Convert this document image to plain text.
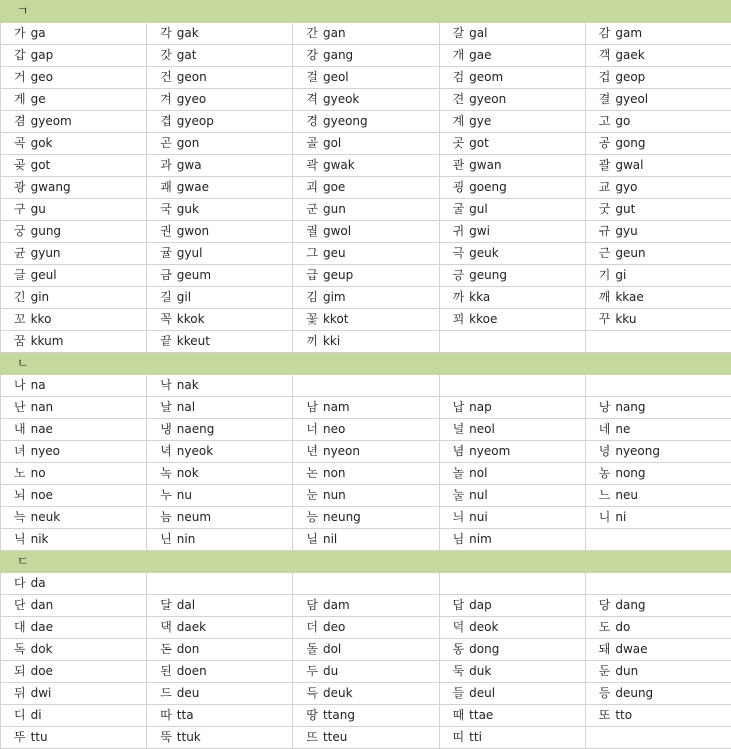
ㄱ				
가 ga	각 gak	간 gan	갈 gal	감 gam
갑 gap	갓 gat	강 gang	개 gae	객 gaek
거 geo	건 geon	걸 geol	검 geom	겁 geop
게 ge	겨 gyeo	격 gyeok	견 gyeon	결 gyeol
겸 gyeom	겹 gyeop	경 gyeong	계 gye	고 go
곡 gok	곤 gon	골 gol	곳 got	공 gong
곶 got	과 gwa	곽 gwak	관 gwan	괄 gwal
광 gwang	괘 gwae	괴 goe	굉 goeng	교 gyo
구 gu	국 guk	군 gun	굴 gul	굿 gut
궁 gung	권 gwon	궐 gwol	귀 gwi	규 gyu
균 gyun	귤 gyul	그 geu	극 geuk	근 geun
글 geul	금 geum	급 geup	긍 geung	기 gi
긴 gin	길 gil	김 gim	까 kka	깨 kkae
꼬 kko	꼭 kkok	꽃 kkot	꾀 kkoe	꾸 kku
꿈 kkum	끝 kkeut	끼 kki		
ㄴ				
나 na	낙 nak			
난 nan	날 nal	남 nam	납 nap	낭 nang
내 nae	냉 naeng	너 neo	널 neol	네 ne
녀 nyeo	녁 nyeok	년 nyeon	념 nyeom	녕 nyeong
노 no	녹 nok	논 non	놀 nol	농 nong
뇌 noe	누 nu	눈 nun	눌 nul	느 neu
늑 neuk	늠 neum	능 neung	늬 nui	니 ni
닉 nik	닌 nin	닐 nil	님 nim	
ㄷ				
다 da				
단 dan	달 dal	담 dam	답 dap	당 dang
대 dae	댁 daek	더 deo	덕 deok	도 do
독 dok	돈 don	돌 dol	동 dong	돼 dwae
되 doe	된 doen	두 du	둑 duk	둔 dun
뒤 dwi	드 deu	득 deuk	들 deul	등 deung
디 di	따 tta	땅 ttang	때 ttae	또 tto
뚜 ttu	뚝 ttuk	뜨 tteu	띠 tti	
